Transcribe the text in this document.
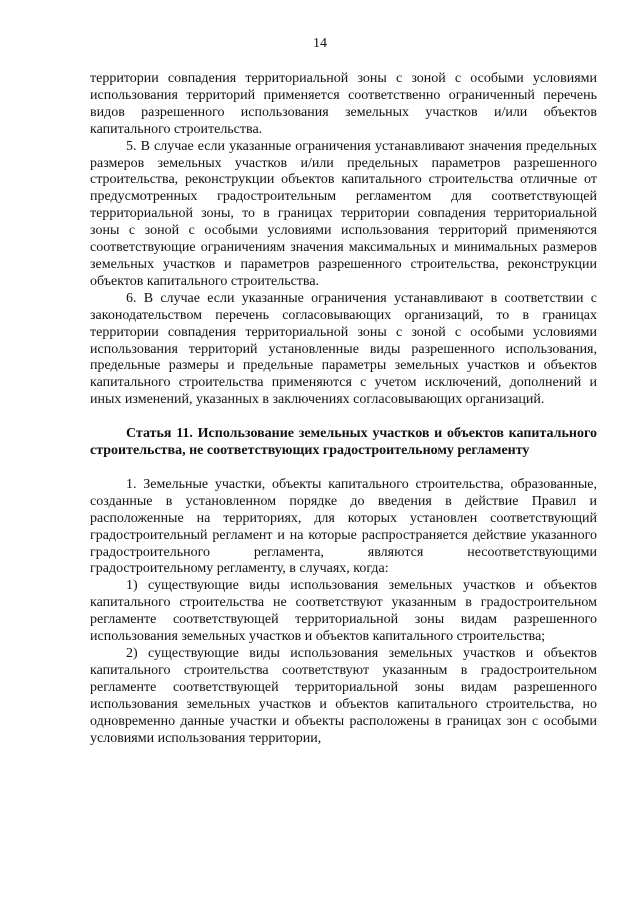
14

территории совпадения территориальной зоны с зоной с особыми условиями использования территорий применяется соответственно ограниченный перечень видов разрешенного использования земельных участков и/или объектов капитального строительства.

5. В случае если указанные ограничения устанавливают значения предельных размеров земельных участков и/или предельных параметров разрешенного строительства, реконструкции объектов капитального строительства отличные от предусмотренных градостроительным регламентом для соответствующей территориальной зоны, то в границах территории совпадения территориальной зоны с зоной с особыми условиями использования территорий применяются соответствующие ограничениям значения максимальных и минимальных размеров земельных участков и параметров разрешенного строительства, реконструкции объектов капитального строительства.

6. В случае если указанные ограничения устанавливают в соответствии с законодательством перечень согласовывающих организаций, то в границах территории совпадения территориальной зоны с зоной с особыми условиями использования территорий установленные виды разрешенного использования, предельные размеры и предельные параметры земельных участков и объектов капитального строительства применяются с учетом исключений, дополнений и иных изменений, указанных в заключениях согласовывающих организаций.

Статья 11. Использование земельных участков и объектов капитального строительства, не соответствующих градостроительному регламенту

1. Земельные участки, объекты капитального строительства, образованные, созданные в установленном порядке до введения в действие Правил и расположенные на территориях, для которых установлен соответствующий градостроительный регламент и на которые распространяется действие указанного градостроительного регламента, являются несоответствующими градостроительному регламенту, в случаях, когда:

1) существующие виды использования земельных участков и объектов капитального строительства не соответствуют указанным в градостроительном регламенте соответствующей территориальной зоны видам разрешенного использования земельных участков и объектов капитального строительства;

2) существующие виды использования земельных участков и объектов капитального строительства соответствуют указанным в градостроительном регламенте соответствующей территориальной зоны видам разрешенного использования земельных участков и объектов капитального строительства, но одновременно данные участки и объекты расположены в границах зон с особыми условиями использования территории,
